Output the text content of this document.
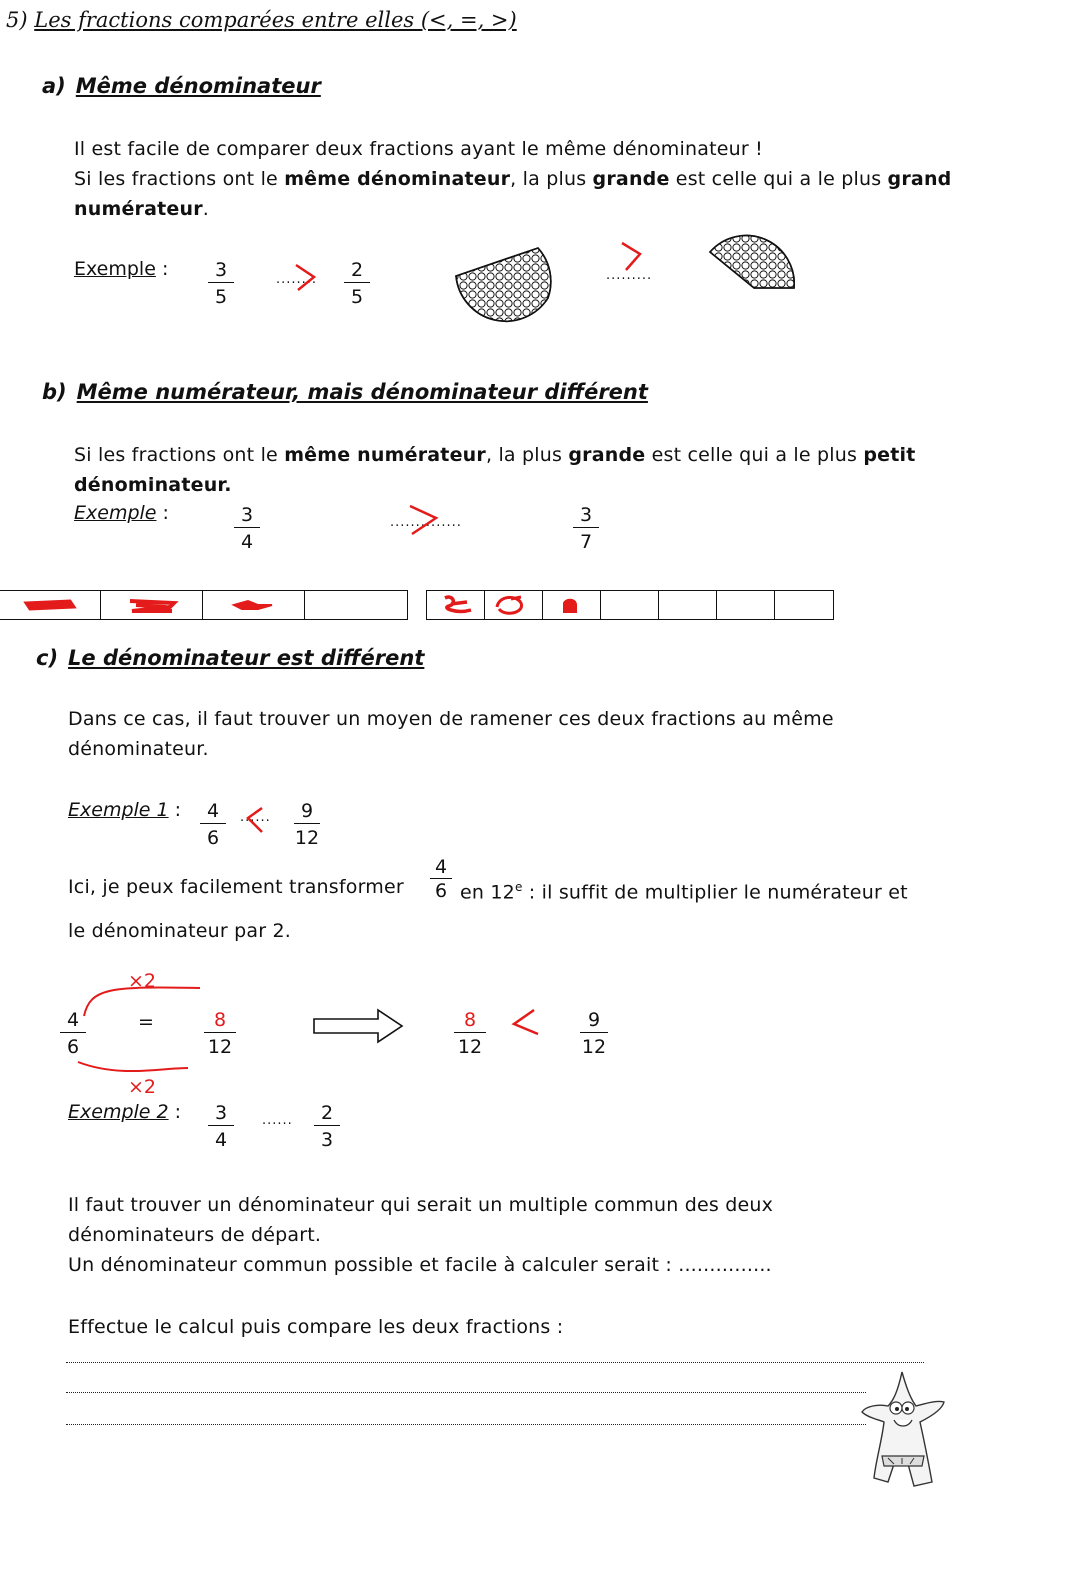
5) Les fractions comparées entre elles (<, =, >)
a) Même dénominateur
Il est facile de comparer deux fractions ayant le même dénominateur !
Si les fractions ont le même dénominateur, la plus grande est celle qui a le plus grand
numérateur.
Exemple : $\frac{3}{5}$	........ $\frac{2}{5}$	.........
b) Même numérateur, mais dénominateur différent
Si les fractions ont le même numérateur, la plus grande est celle qui a le plus petit
dénominateur.
Exemple :	$\frac{3}{4}$	..............	$\frac{3}{7}$
c) Le dénominateur est différent
Dans ce cas, il faut trouver un moyen de ramener ces deux fractions au même
dénominateur.
Exemple 1 : $\frac{4}{6}$ ...... $\frac{9}{12}$
Ici, je peux facilement transformer $\frac{4}{6}$ en 12e : il suffit de multiplier le numérateur et
le dénominateur par 2.
×2
×2
$\frac{4}{6}$	=	$\frac{8}{12}$	$\frac{8}{12}$	$\frac{9}{12}$
Exemple 2 : $\frac{3}{4}$ ...... $\frac{2}{3}$
Il faut trouver un dénominateur qui serait un multiple commun des deux
dénominateurs de départ.
Un dénominateur commun possible et facile à calculer serait : ...............
Effectue le calcul puis compare les deux fractions :
